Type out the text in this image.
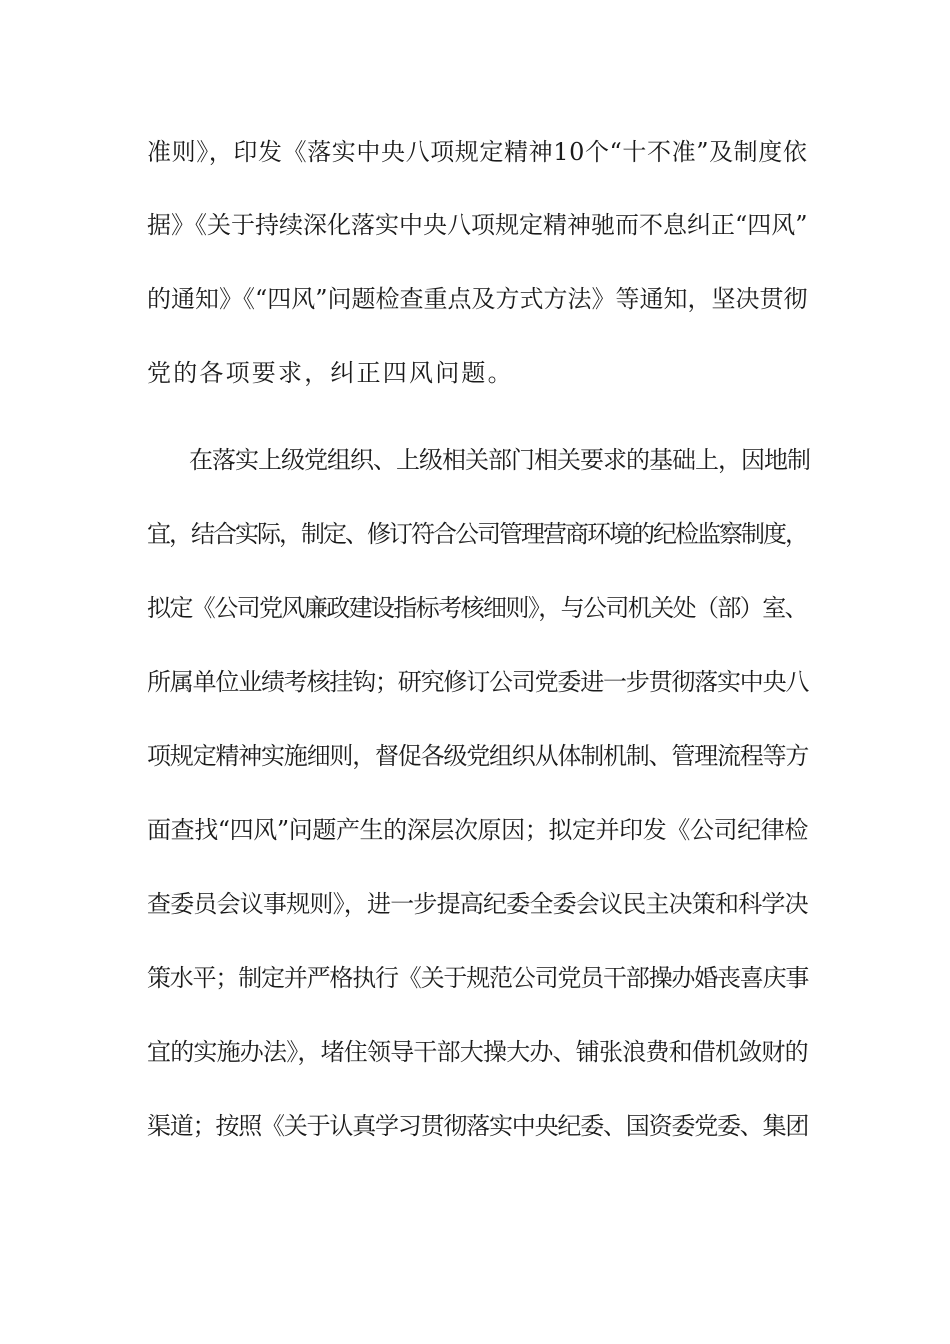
准则》，印发《落实中央八项规定精神10个“十不准”及制度依
据》《关于持续深化落实中央八项规定精神驰而不息纠正“四风”
的通知》《“四风”问题检查重点及方式方法》等通知，坚决贯彻
党的各项要求，纠正四风问题。
在落实上级党组织、上级相关部门相关要求的基础上，因地制
宜，结合实际，制定、修订符合公司管理营商环境的纪检监察制度，
拟定《公司党风廉政建设指标考核细则》，与公司机关处（部）室、
所属单位业绩考核挂钩；研究修订公司党委进一步贯彻落实中央八
项规定精神实施细则，督促各级党组织从体制机制、管理流程等方
面查找“四风”问题产生的深层次原因；拟定并印发《公司纪律检
查委员会议事规则》，进一步提高纪委全委会议民主决策和科学决
策水平；制定并严格执行《关于规范公司党员干部操办婚丧喜庆事
宜的实施办法》，堵住领导干部大操大办、铺张浪费和借机敛财的
渠道；按照《关于认真学习贯彻落实中央纪委、国资委党委、集团
